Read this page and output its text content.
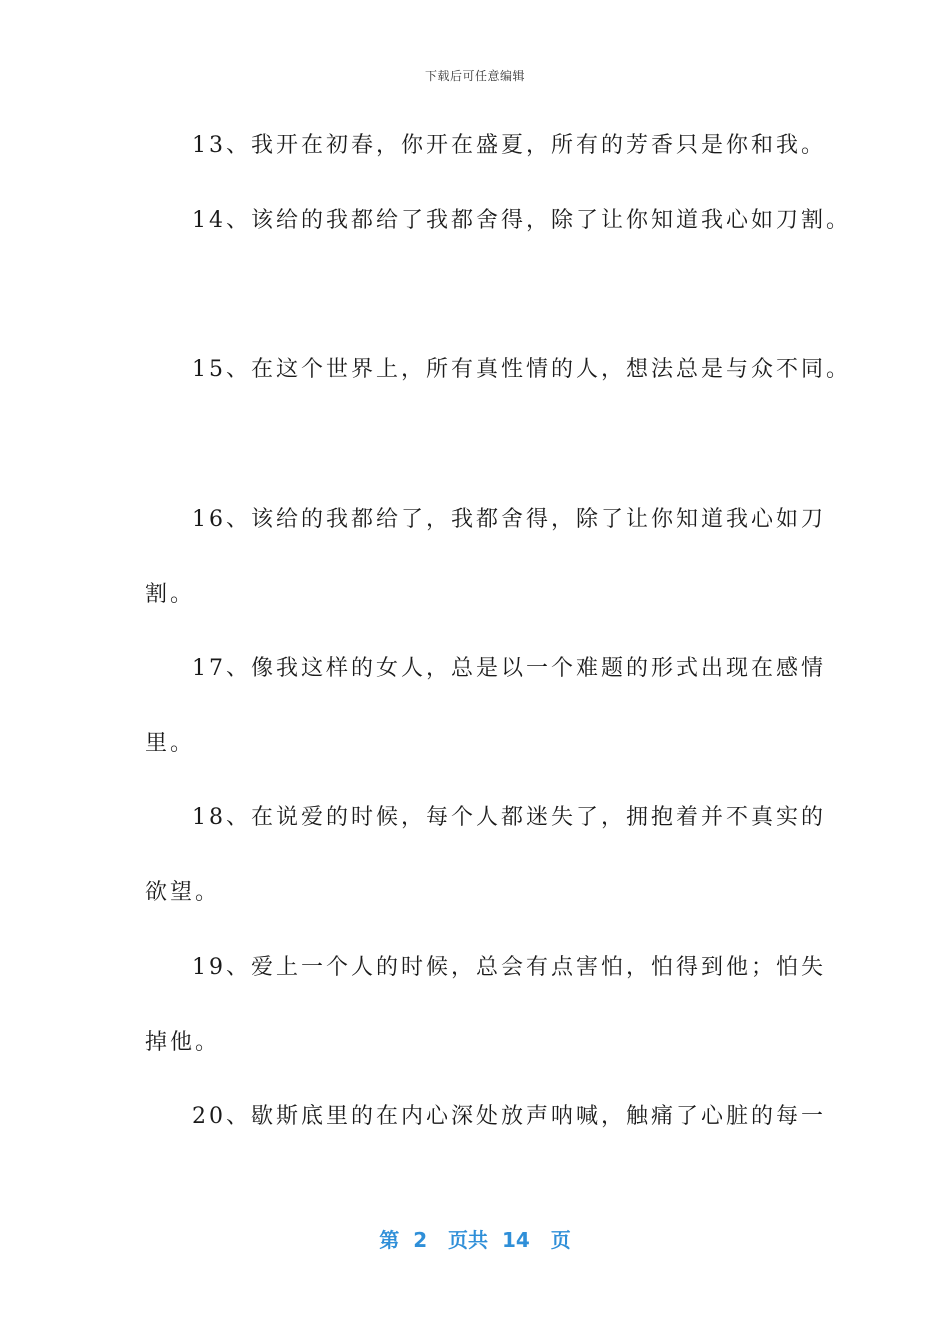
下载后可任意编辑
13、我开在初春，你开在盛夏，所有的芳香只是你和我。
14、该给的我都给了我都舍得，除了让你知道我心如刀割。
15、在这个世界上，所有真性情的人，想法总是与众不同。
16、该给的我都给了，我都舍得，除了让你知道我心如刀
割。
17、像我这样的女人，总是以一个难题的形式出现在感情
里。
18、在说爱的时候，每个人都迷失了，拥抱着并不真实的
欲望。
19、爱上一个人的时候，总会有点害怕，怕得到他；怕失
掉他。
20、歇斯底里的在内心深处放声呐喊，触痛了心脏的每一
第 2 页共 14 页
